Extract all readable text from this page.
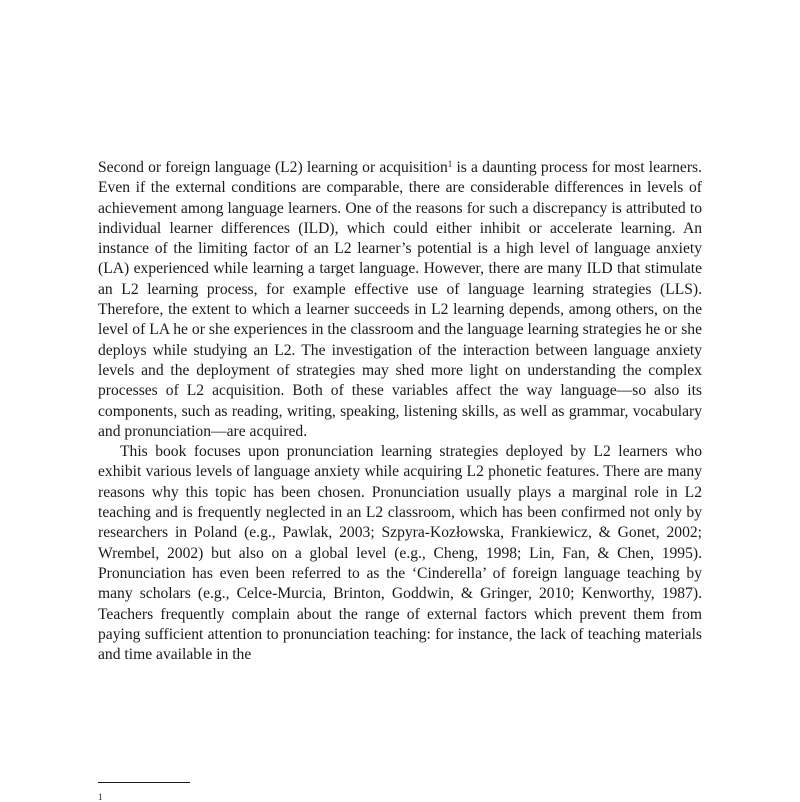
Second or foreign language (L2) learning or acquisition$^1$ is a daunting process for most learners. Even if the external conditions are comparable, there are considerable differences in levels of achievement among language learners. One of the reasons for such a discrepancy is attributed to individual learner differences (ILD), which could either inhibit or accelerate learning. An instance of the limiting factor of an L2 learner’s potential is a high level of language anxiety (LA) experienced while learning a target language. However, there are many ILD that stimulate an L2 learning process, for example effective use of language learning strategies (LLS). Therefore, the extent to which a learner succeeds in L2 learning depends, among others, on the level of LA he or she experiences in the classroom and the language learning strategies he or she deploys while studying an L2. The investigation of the interaction between language anxiety levels and the deployment of strategies may shed more light on understanding the complex processes of L2 acquisition. Both of these variables affect the way language—so also its components, such as reading, writing, speaking, listening skills, as well as grammar, vocabulary and pronunciation—are acquired.

This book focuses upon pronunciation learning strategies deployed by L2 learners who exhibit various levels of language anxiety while acquiring L2 phonetic features. There are many reasons why this topic has been chosen. Pronunciation usually plays a marginal role in L2 teaching and is frequently neglected in an L2 classroom, which has been confirmed not only by researchers in Poland (e.g., Pawlak, 2003; Szpyra-Kozłowska, Frankiewicz, & Gonet, 2002; Wrembel, 2002) but also on a global level (e.g., Cheng, 1998; Lin, Fan, & Chen, 1995). Pronunciation has even been referred to as the ‘Cinderella’ of foreign language teaching by many scholars (e.g., Celce-Murcia, Brinton, Goddwin, & Gringer, 2010; Kenworthy, 1987). Teachers frequently complain about the range of external factors which prevent them from paying sufficient attention to pronunciation teaching: for instance, the lack of teaching materials and time available in the

1
